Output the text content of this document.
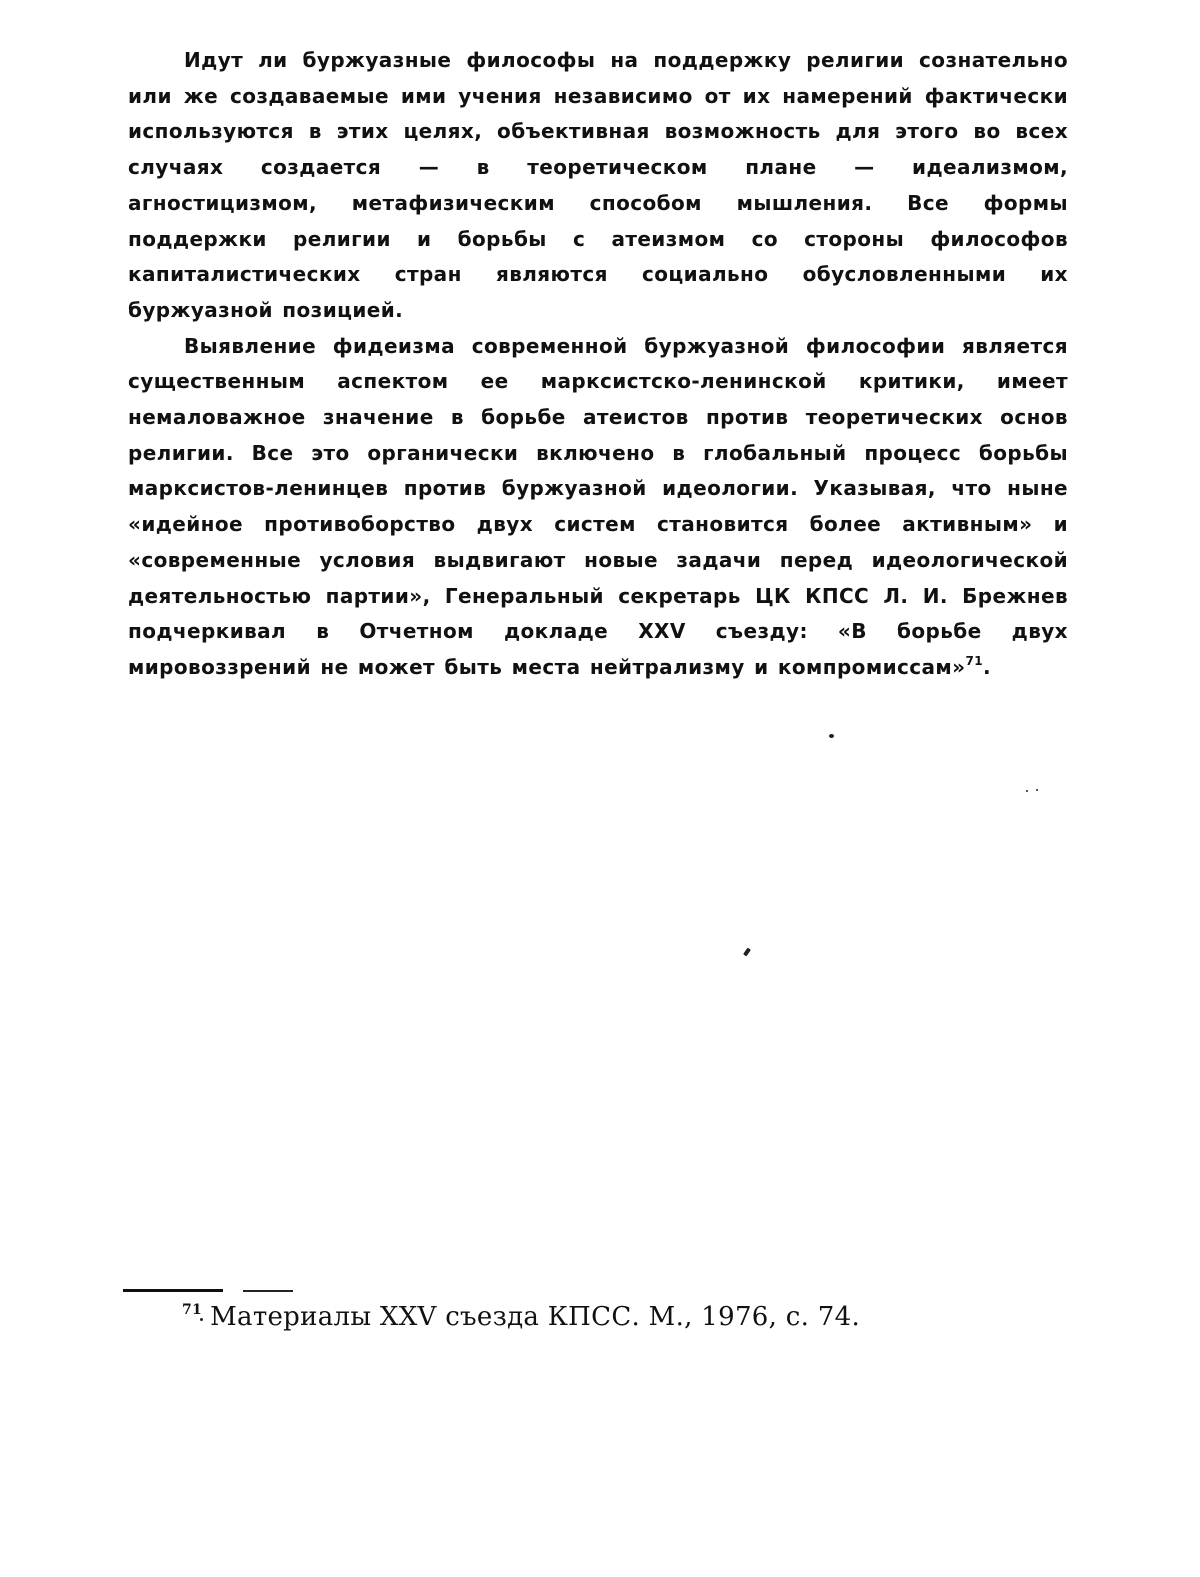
Идут ли буржуазные философы на поддержку религии сознательно или же создаваемые ими учения независимо от их намерений фактически используются в этих целях, объективная возможность для этого во всех случаях создается — в теоретическом плане — идеализмом, агностицизмом, метафизическим способом мышления. Все формы поддержки религии и борьбы с атеизмом со стороны философов капиталистических стран являются социально обусловленными их буржуазной позицией.

Выявление фидеизма современной буржуазной философии является существенным аспектом ее марксистско-ленинской критики, имеет немаловажное значение в борьбе атеистов против теоретических основ религии. Все это органически включено в глобальный процесс борьбы марксистов-ленинцев против буржуазной идеологии. Указывая, что ныне «идейное противоборство двух систем становится более активным» и «современные условия выдвигают новые задачи перед идеологической деятельностью партии», Генеральный секретарь ЦК КПСС Л. И. Брежнев подчеркивал в Отчетном докладе XXV съезду: «В борьбе двух мировоззрений не может быть места нейтрализму и компромиссам»$^{71}$.

$^{71}$ Материалы XXV съезда КПСС. М., 1976, с. 74.
